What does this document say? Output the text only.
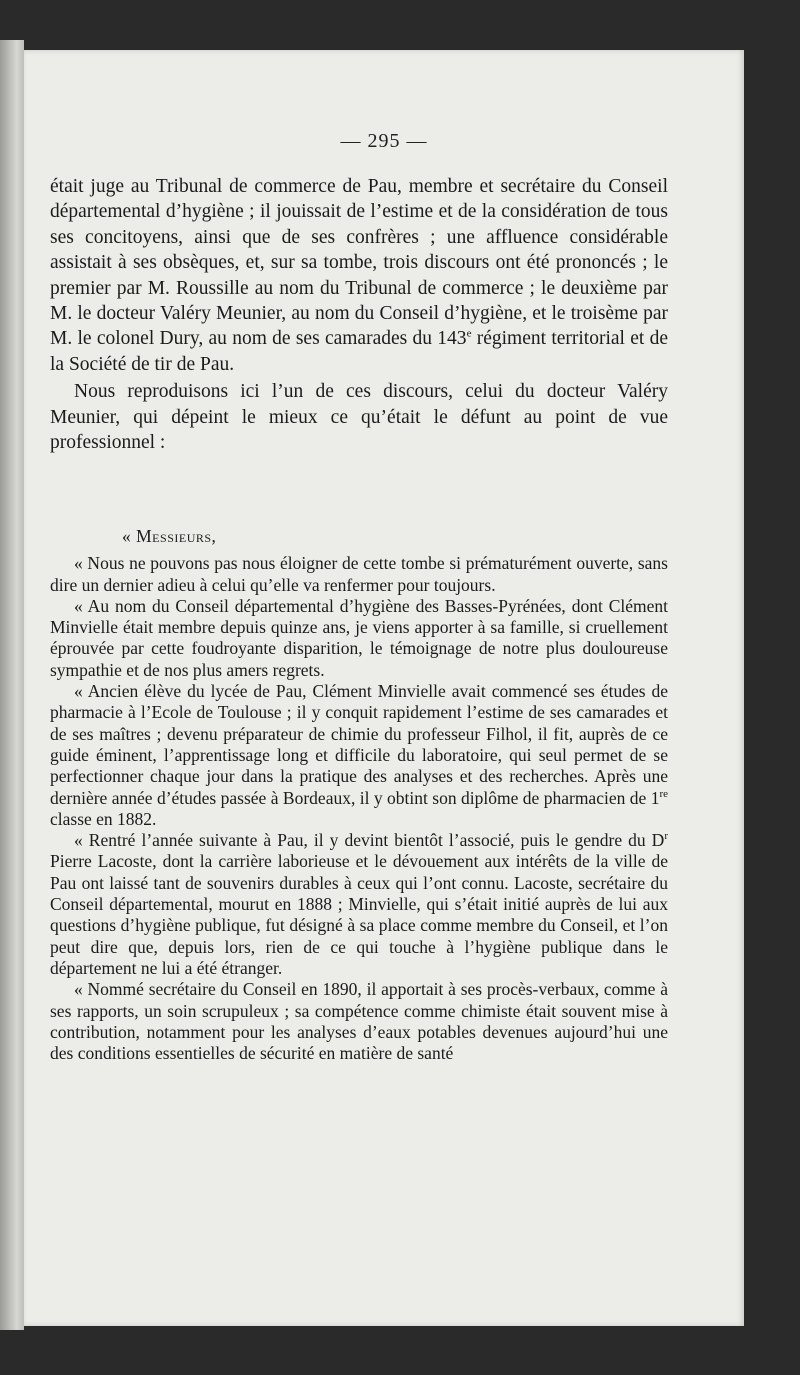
— 295 —

était juge au Tribunal de commerce de Pau, membre et secrétaire du Conseil départemental d’hygiène ; il jouissait de l’estime et de la considération de tous ses concitoyens, ainsi que de ses confrères ; une affluence considérable assistait à ses obsèques, et, sur sa tombe, trois discours ont été prononcés ; le premier par M. Roussille au nom du Tribunal de commerce ; le deuxième par M. le docteur Valéry Meunier, au nom du Conseil d’hygiène, et le troisème par M. le colonel Dury, au nom de ses camarades du 143e régiment territorial et de la Société de tir de Pau.

Nous reproduisons ici l’un de ces discours, celui du docteur Valéry Meunier, qui dépeint le mieux ce qu’était le défunt au point de vue professionnel :

« Messieurs,

« Nous ne pouvons pas nous éloigner de cette tombe si prématurément ouverte, sans dire un dernier adieu à celui qu’elle va renfermer pour toujours.

« Au nom du Conseil départemental d’hygiène des Basses-Pyrénées, dont Clément Minvielle était membre depuis quinze ans, je viens apporter à sa famille, si cruellement éprouvée par cette foudroyante disparition, le témoignage de notre plus douloureuse sympathie et de nos plus amers regrets.

« Ancien élève du lycée de Pau, Clément Minvielle avait commencé ses études de pharmacie à l’Ecole de Toulouse ; il y conquit rapidement l’estime de ses camarades et de ses maîtres ; devenu préparateur de chimie du professeur Filhol, il fit, auprès de ce guide éminent, l’apprentissage long et difficile du laboratoire, qui seul permet de se perfectionner chaque jour dans la pratique des analyses et des recherches. Après une dernière année d’études passée à Bordeaux, il y obtint son diplôme de pharmacien de 1re classe en 1882.

« Rentré l’année suivante à Pau, il y devint bientôt l’associé, puis le gendre du $D^r$ Pierre Lacoste, dont la carrière laborieuse et le dévouement aux intérêts de la ville de Pau ont laissé tant de souvenirs durables à ceux qui l’ont connu. Lacoste, secrétaire du Conseil départemental, mourut en 1888 ; Minvielle, qui s’était initié auprès de lui aux questions d’hygiène publique, fut désigné à sa place comme membre du Conseil, et l’on peut dire que, depuis lors, rien de ce qui touche à l’hygiène publique dans le département ne lui a été étranger.

« Nommé secrétaire du Conseil en 1890, il apportait à ses procès-verbaux, comme à ses rapports, un soin scrupuleux ; sa compétence comme chimiste était souvent mise à contribution, notamment pour les analyses d’eaux potables devenues aujourd’hui une des conditions essentielles de sécurité en matière de santé
